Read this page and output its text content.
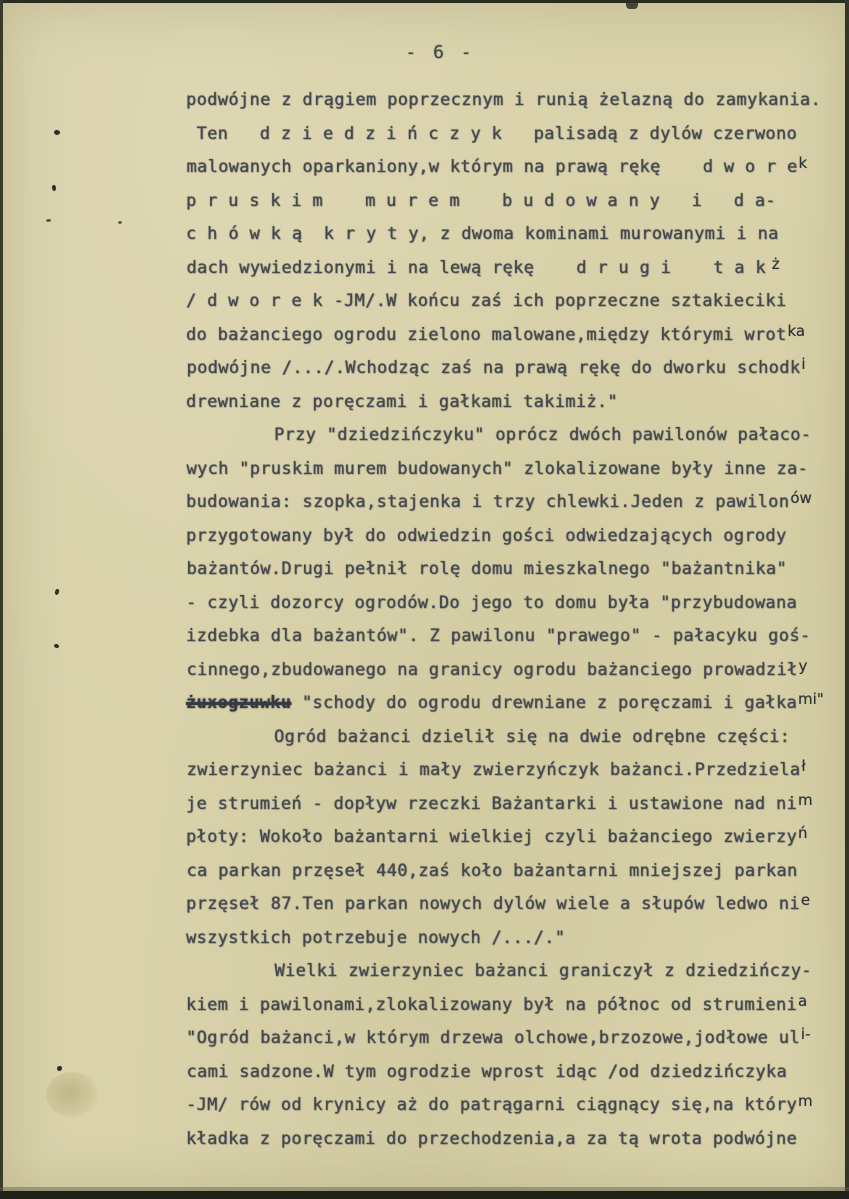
- 6 -
podwójne z drągiem poprzecznym i runią żelazną do zamykania.
Ten   d z i e d z i ń c z y k   palisadą z dylów czerwono
malowanych oparkaniony,w którym na prawą rękę    d w o r ek
p r u s k i m    m u r e m    b u d o w a n y   i   d a-
c h ó w k ą  k r y t y, z dwoma kominami murowanymi i na
dach wywiedzionymi i na lewą rękę    d r u g i    t a k ż
/ d w o r e k -JM/.W końcu zaś ich poprzeczne sztakieciki
do bażanciego ogrodu zielono malowane,między którymi wrotka
podwójne /.../.Wchodząc zaś na prawą rękę do dworku schodki
drewniane z poręczami i gałkami takimiż."
Przy "dziedzińczyku" oprócz dwóch pawilonów pałaco-
wych "pruskim murem budowanych" zlokalizowane były inne za-
budowania: szopka,stajenka i trzy chlewki.Jeden z pawilonów
przygotowany był do odwiedzin gości odwiedzających ogrody
bażantów.Drugi pełnił rolę domu mieszkalnego "bażantnika"
- czyli dozorcy ogrodów.Do jego to domu była "przybudowana
izdebka dla bażantów". Z pawilonu "prawego" - pałacyku goś-
cinnego,zbudowanego na granicy ogrodu bażanciego prowadziły
żuxogzuwku "schody do ogrodu drewniane z poręczami i gałkami"
Ogród bażanci dzielił się na dwie odrębne części:
zwierzyniec bażanci i mały zwierzyńczyk bażanci.Przedzielał
je strumień - dopływ rzeczki Bażantarki i ustawione nad nim
płoty: Wokoło bażantarni wielkiej czyli bażanciego zwierzyń
ca parkan przęseł 440,zaś koło bażantarni mniejszej parkan
przęseł 87.Ten parkan nowych dylów wiele a słupów ledwo nie
wszystkich potrzebuje nowych /.../."
Wielki zwierzyniec bażanci graniczył z dziedzińczy-
kiem i pawilonami,zlokalizowany był na północ od strumienia
"Ogród bażanci,w którym drzewa olchowe,brzozowe,jodłowe uli-
cami sadzone.W tym ogrodzie wprost idąc /od dziedzińczyka
-JM/ rów od krynicy aż do patrągarni ciągnący się,na którym
kładka z poręczami do przechodzenia,a za tą wrota podwójne
